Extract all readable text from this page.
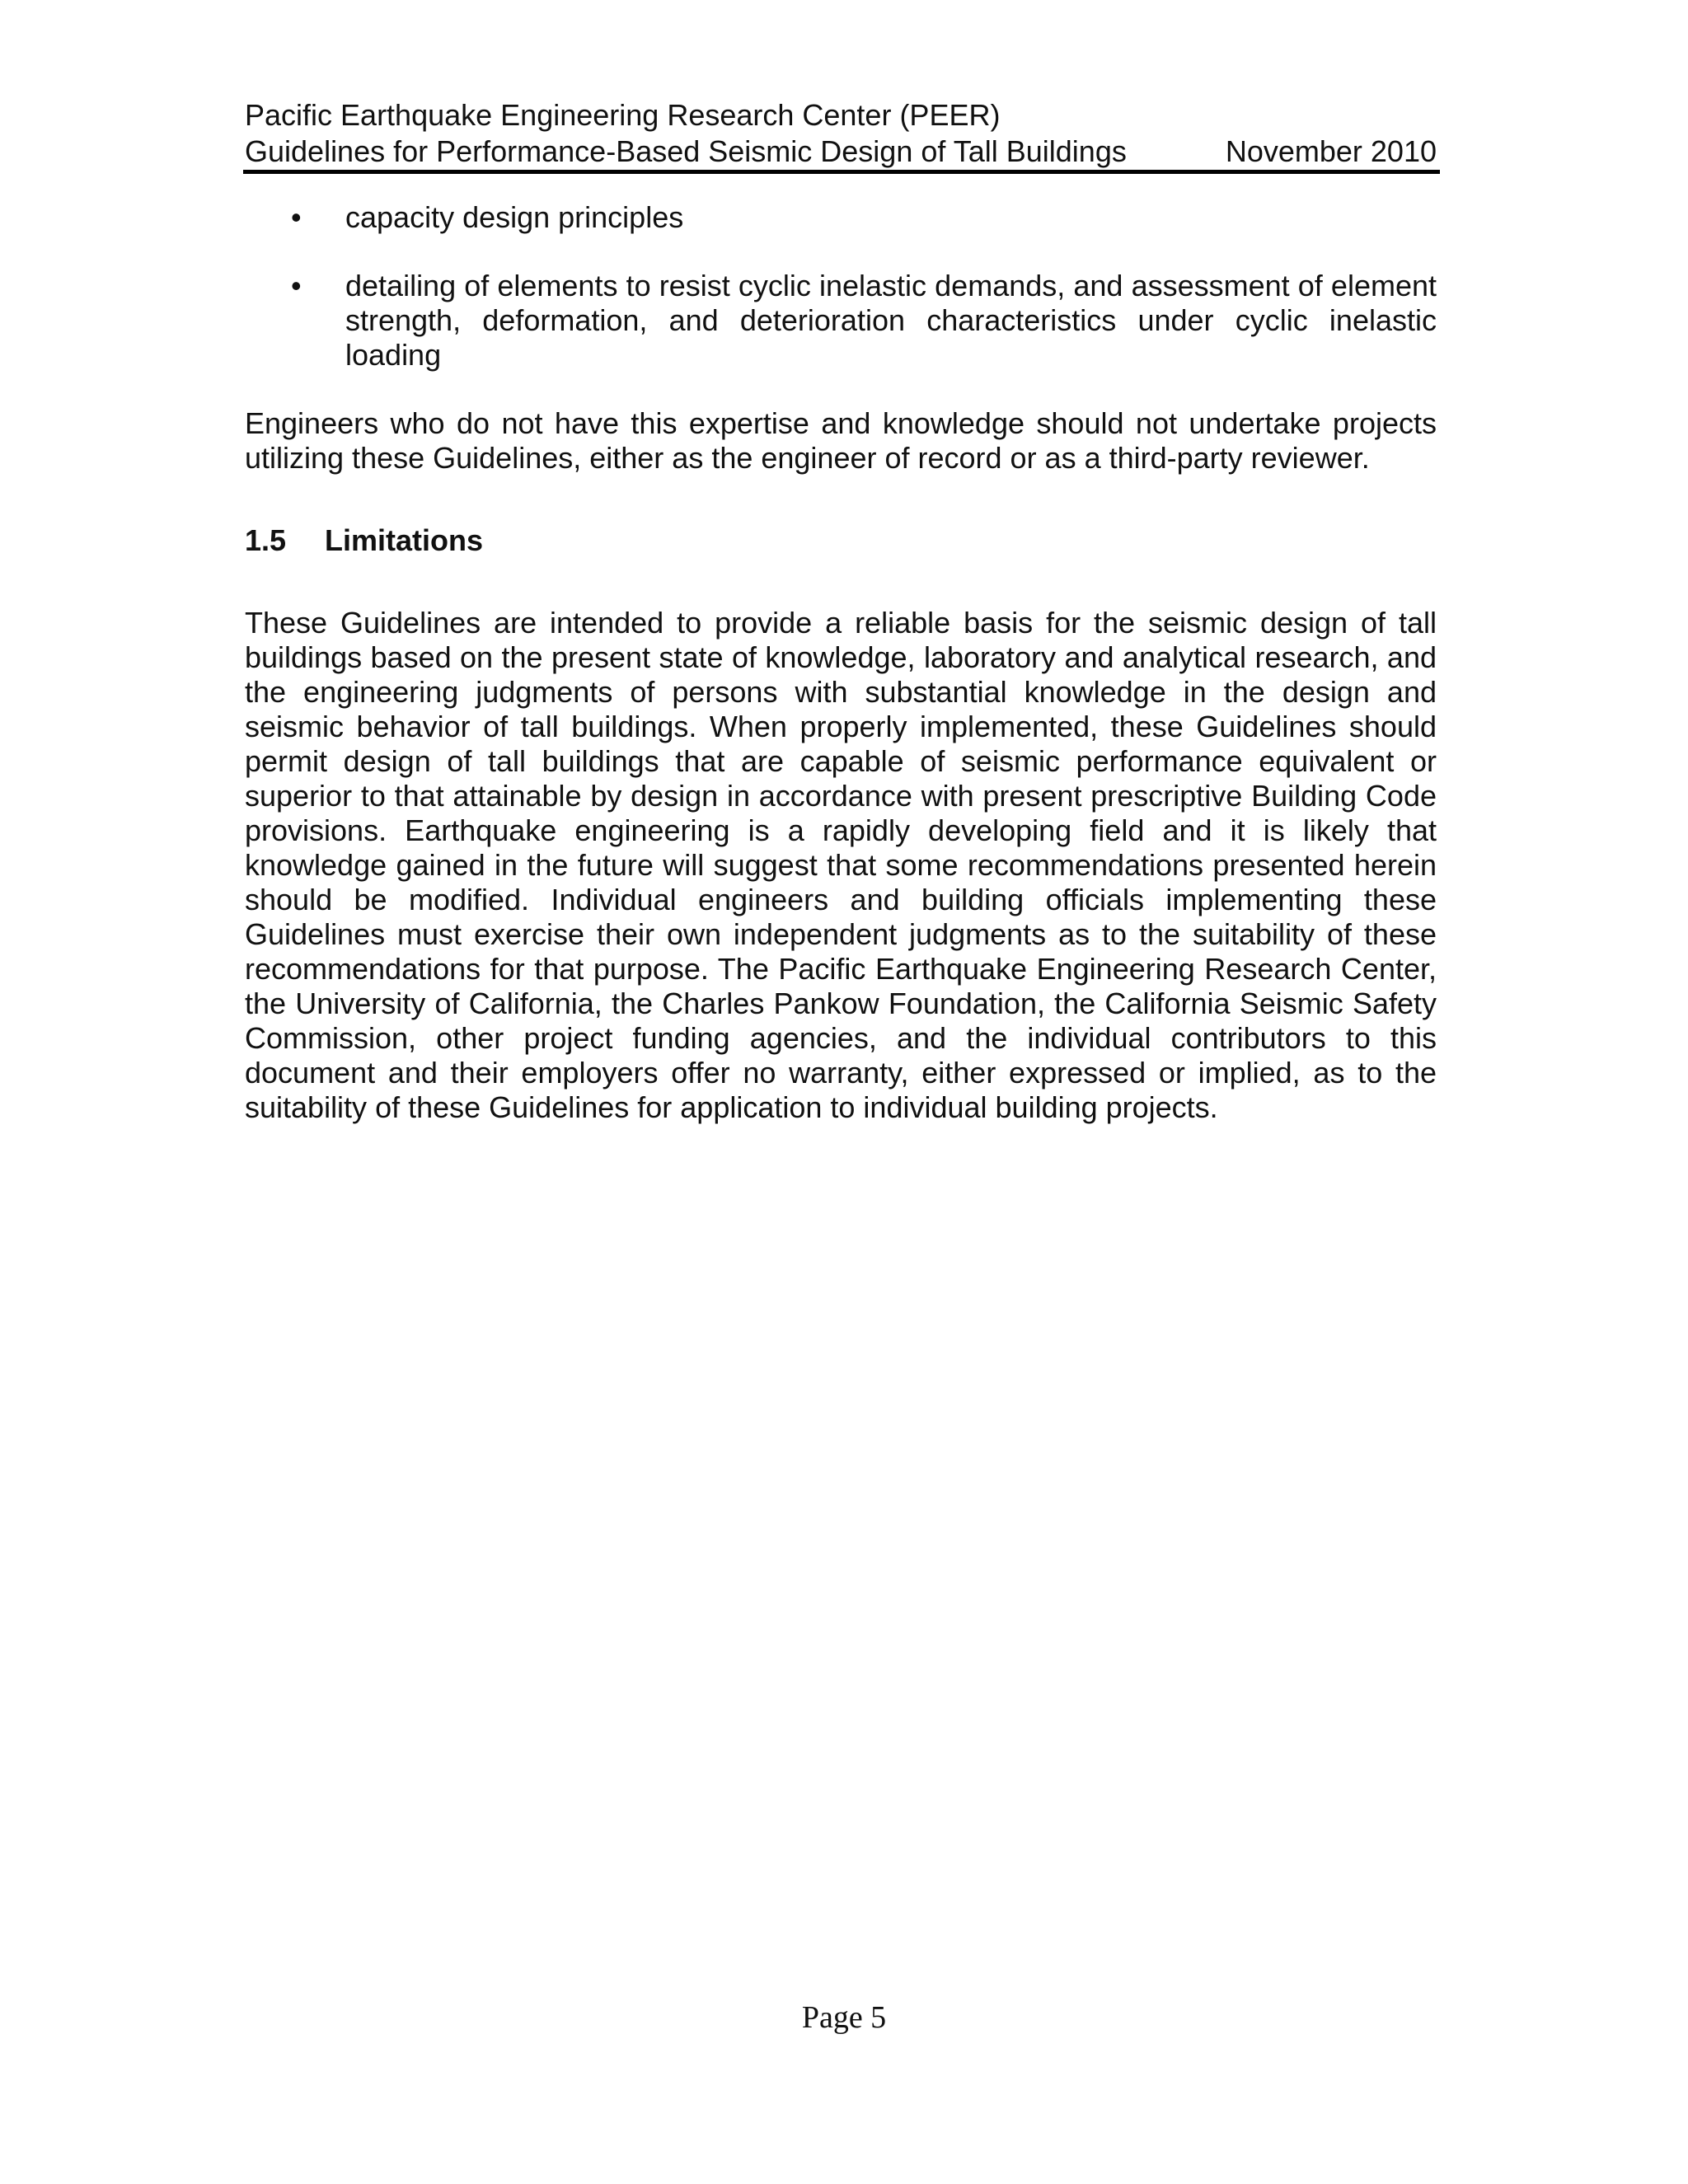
Pacific Earthquake Engineering Research Center (PEER)
Guidelines for Performance-Based Seismic Design of Tall Buildings	November 2010

• capacity design principles

• detailing of elements to resist cyclic inelastic demands, and assessment of element strength, deformation, and deterioration characteristics under cyclic inelastic loading

Engineers who do not have this expertise and knowledge should not undertake projects utilizing these Guidelines, either as the engineer of record or as a third-party reviewer.

1.5	Limitations

These Guidelines are intended to provide a reliable basis for the seismic design of tall buildings based on the present state of knowledge, laboratory and analytical research, and the engineering judgments of persons with substantial knowledge in the design and seismic behavior of tall buildings. When properly implemented, these Guidelines should permit design of tall buildings that are capable of seismic performance equivalent or superior to that attainable by design in accordance with present prescriptive Building Code provisions. Earthquake engineering is a rapidly developing field and it is likely that knowledge gained in the future will suggest that some recommendations presented herein should be modified. Individual engineers and building officials implementing these Guidelines must exercise their own independent judgments as to the suitability of these recommendations for that purpose. The Pacific Earthquake Engineering Research Center, the University of California, the Charles Pankow Foundation, the California Seismic Safety Commission, other project funding agencies, and the individual contributors to this document and their employers offer no warranty, either expressed or implied, as to the suitability of these Guidelines for application to individual building projects.

Page 5
